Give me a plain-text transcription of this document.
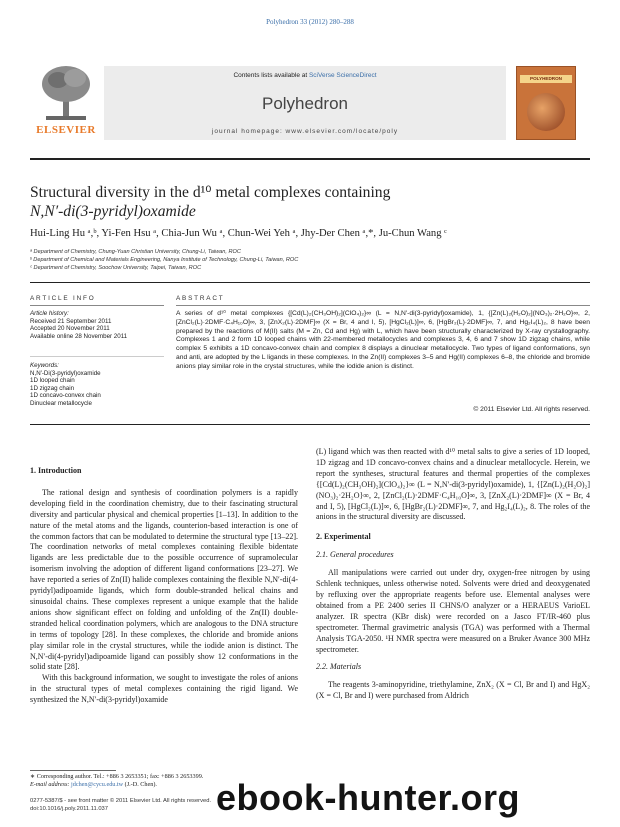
Polyhedron 33 (2012) 280–288
ELSEVIER
Contents lists available at SciVerse ScienceDirect
Polyhedron
journal homepage: www.elsevier.com/locate/poly
POLYHEDRON
Structural diversity in the d¹⁰ metal complexes containing
N,N′-di(3-pyridyl)oxamide
Hui-Ling Hu ᵃ,ᵇ, Yi-Fen Hsu ᵃ, Chia-Jun Wu ᵃ, Chun-Wei Yeh ᵃ, Jhy-Der Chen ᵃ,*, Ju-Chun Wang ᶜ
ᵃ Department of Chemistry, Chung-Yuan Christian University, Chung-Li, Taiwan, ROC
ᵇ Department of Chemical and Materials Engineering, Nanya Institute of Technology, Chung-Li, Taiwan, ROC
ᶜ Department of Chemistry, Soochow University, Taipei, Taiwan, ROC
ARTICLE INFO
Article history:
Received 21 September 2011
Accepted 20 November 2011
Available online 28 November 2011
Keywords:
N,N′-Di(3-pyridyl)oxamide
1D looped chain
1D zigzag chain
1D concavo-convex chain
Dinuclear metallocycle
ABSTRACT
A series of d¹⁰ metal complexes {[Cd(L)₂(CH₃OH)₂](ClO₄)₂}∞ (L = N,N′-di(3-pyridyl)oxamide), 1, {[Zn(L)₂(H₂O)₂](NO₃)₂·2H₂O}∞, 2, [ZnCl₂(L)·2DMF·C₄H₁₀O]∞, 3, [ZnX₂(L)·2DMF]∞ (X = Br, 4 and I, 5), [HgCl₂(L)]∞, 6, [HgBr₂(L)·2DMF]∞, 7, and Hg₂I₄(L)₂, 8 have been prepared by the reactions of M(II) salts (M = Zn, Cd and Hg) with L, which have been structurally characterized by X-ray crystallography. Complexes 1 and 2 form 1D looped chains with 22-membered metallocycles and complexes 3, 4, 6 and 7 show 1D zigzag chains, while complex 5 exhibits a 1D concavo-convex chain and complex 8 displays a dinuclear metallocycle. Two types of ligand conformations, syn and anti, are adopted by the L ligands in these complexes. In the Zn(II) complexes 3–5 and Hg(II) complexes 6–8, the chloride and bromide anions play similar role in the crystal structures, while the iodide anion is distinct.
© 2011 Elsevier Ltd. All rights reserved.
1. Introduction
The rational design and synthesis of coordination polymers is a rapidly developing field in the coordination chemistry, due to their fascinating structural diversity and particular physical and chemical properties [1–13]. In addition to the nature of the metal atoms and the ligands, counterion-based interaction is one of the common factors that can be modulated to determine the structural type [13–22]. The coordination networks of metal complexes containing flexible bidentate ligands are less predictable due to the possible occurrence of supramolecular isomerism involving the adoption of different ligand conformations [23–27]. We have reported a series of Zn(II) halide complexes containing the flexible N,N′-di(4-pyridyl)adipoamide ligands, which form double-stranded helical chains and sinusoidal chains. These complexes represent a unique example that the halide anions show significant effect on folding and unfolding of the Zn(II) double-stranded helical coordination polymers, which are analogous to the DNA structure in terms of topology [28]. In these complexes, the chloride and bromide anions play similar role in the crystal structures, while the iodide anion is distinct. The N,N′-di(4-pyridyl)adipoamide ligand can possibly show 12 conformations in the solid state [28].
With this background information, we sought to investigate the roles of anions in the structural types of metal complexes containing the rigid ligand. We synthesized the N,N′-di(3-pyridyl)oxamide
(L) ligand which was then reacted with d¹⁰ metal salts to give a series of 1D looped, 1D zigzag and 1D concavo-convex chains and a dinuclear metallocycle. Herein, we report the syntheses, structural features and thermal properties of the complexes {[Cd(L)₂(CH₃OH)₂](ClO₄)₂}∞ (L = N,N′-di(3-pyridyl)oxamide), 1, {[Zn(L)₂(H₂O)₂](NO₃)₂·2H₂O}∞, 2, [ZnCl₂(L)·2DMF·C₄H₁₀O]∞, 3, [ZnX₂(L)·2DMF]∞ (X = Br, 4 and I, 5), [HgCl₂(L)]∞, 6, [HgBr₂(L)·2DMF]∞, 7, and Hg₂I₄(L)₂, 8. The roles of the anions in the structural diversity are discussed.
2. Experimental
2.1. General procedures
All manipulations were carried out under dry, oxygen-free nitrogen by using Schlenk techniques, unless otherwise noted. Solvents were dried and deoxygenated by refluxing over the appropriate reagents before use. Elemental analyses were obtained from a PE 2400 series II CHNS/O analyzer or a HERAEUS VarioEL analyzer. IR spectra (KBr disk) were recorded on a Jasco FT/IR-460 plus spectrometer. Thermal gravimetric analysis (TGA) was performed with a Thermal Analysis TGA-2050. ¹H NMR spectra were measured on a Bruker Avance 300 MHz spectrometer.
2.2. Materials
The reagents 3-aminopyridine, triethylamine, ZnX₂ (X = Cl, Br and I) and HgX₂ (X = Cl, Br and I) were purchased from Aldrich
∗ Corresponding author. Tel.: +886 3 2653351; fax: +886 3 2653399.
E-mail address: jdchen@cycu.edu.tw (J.-D. Chen).
0277-5387/$ - see front matter © 2011 Elsevier Ltd. All rights reserved.
doi:10.1016/j.poly.2011.11.037	ebook-hunter.org
